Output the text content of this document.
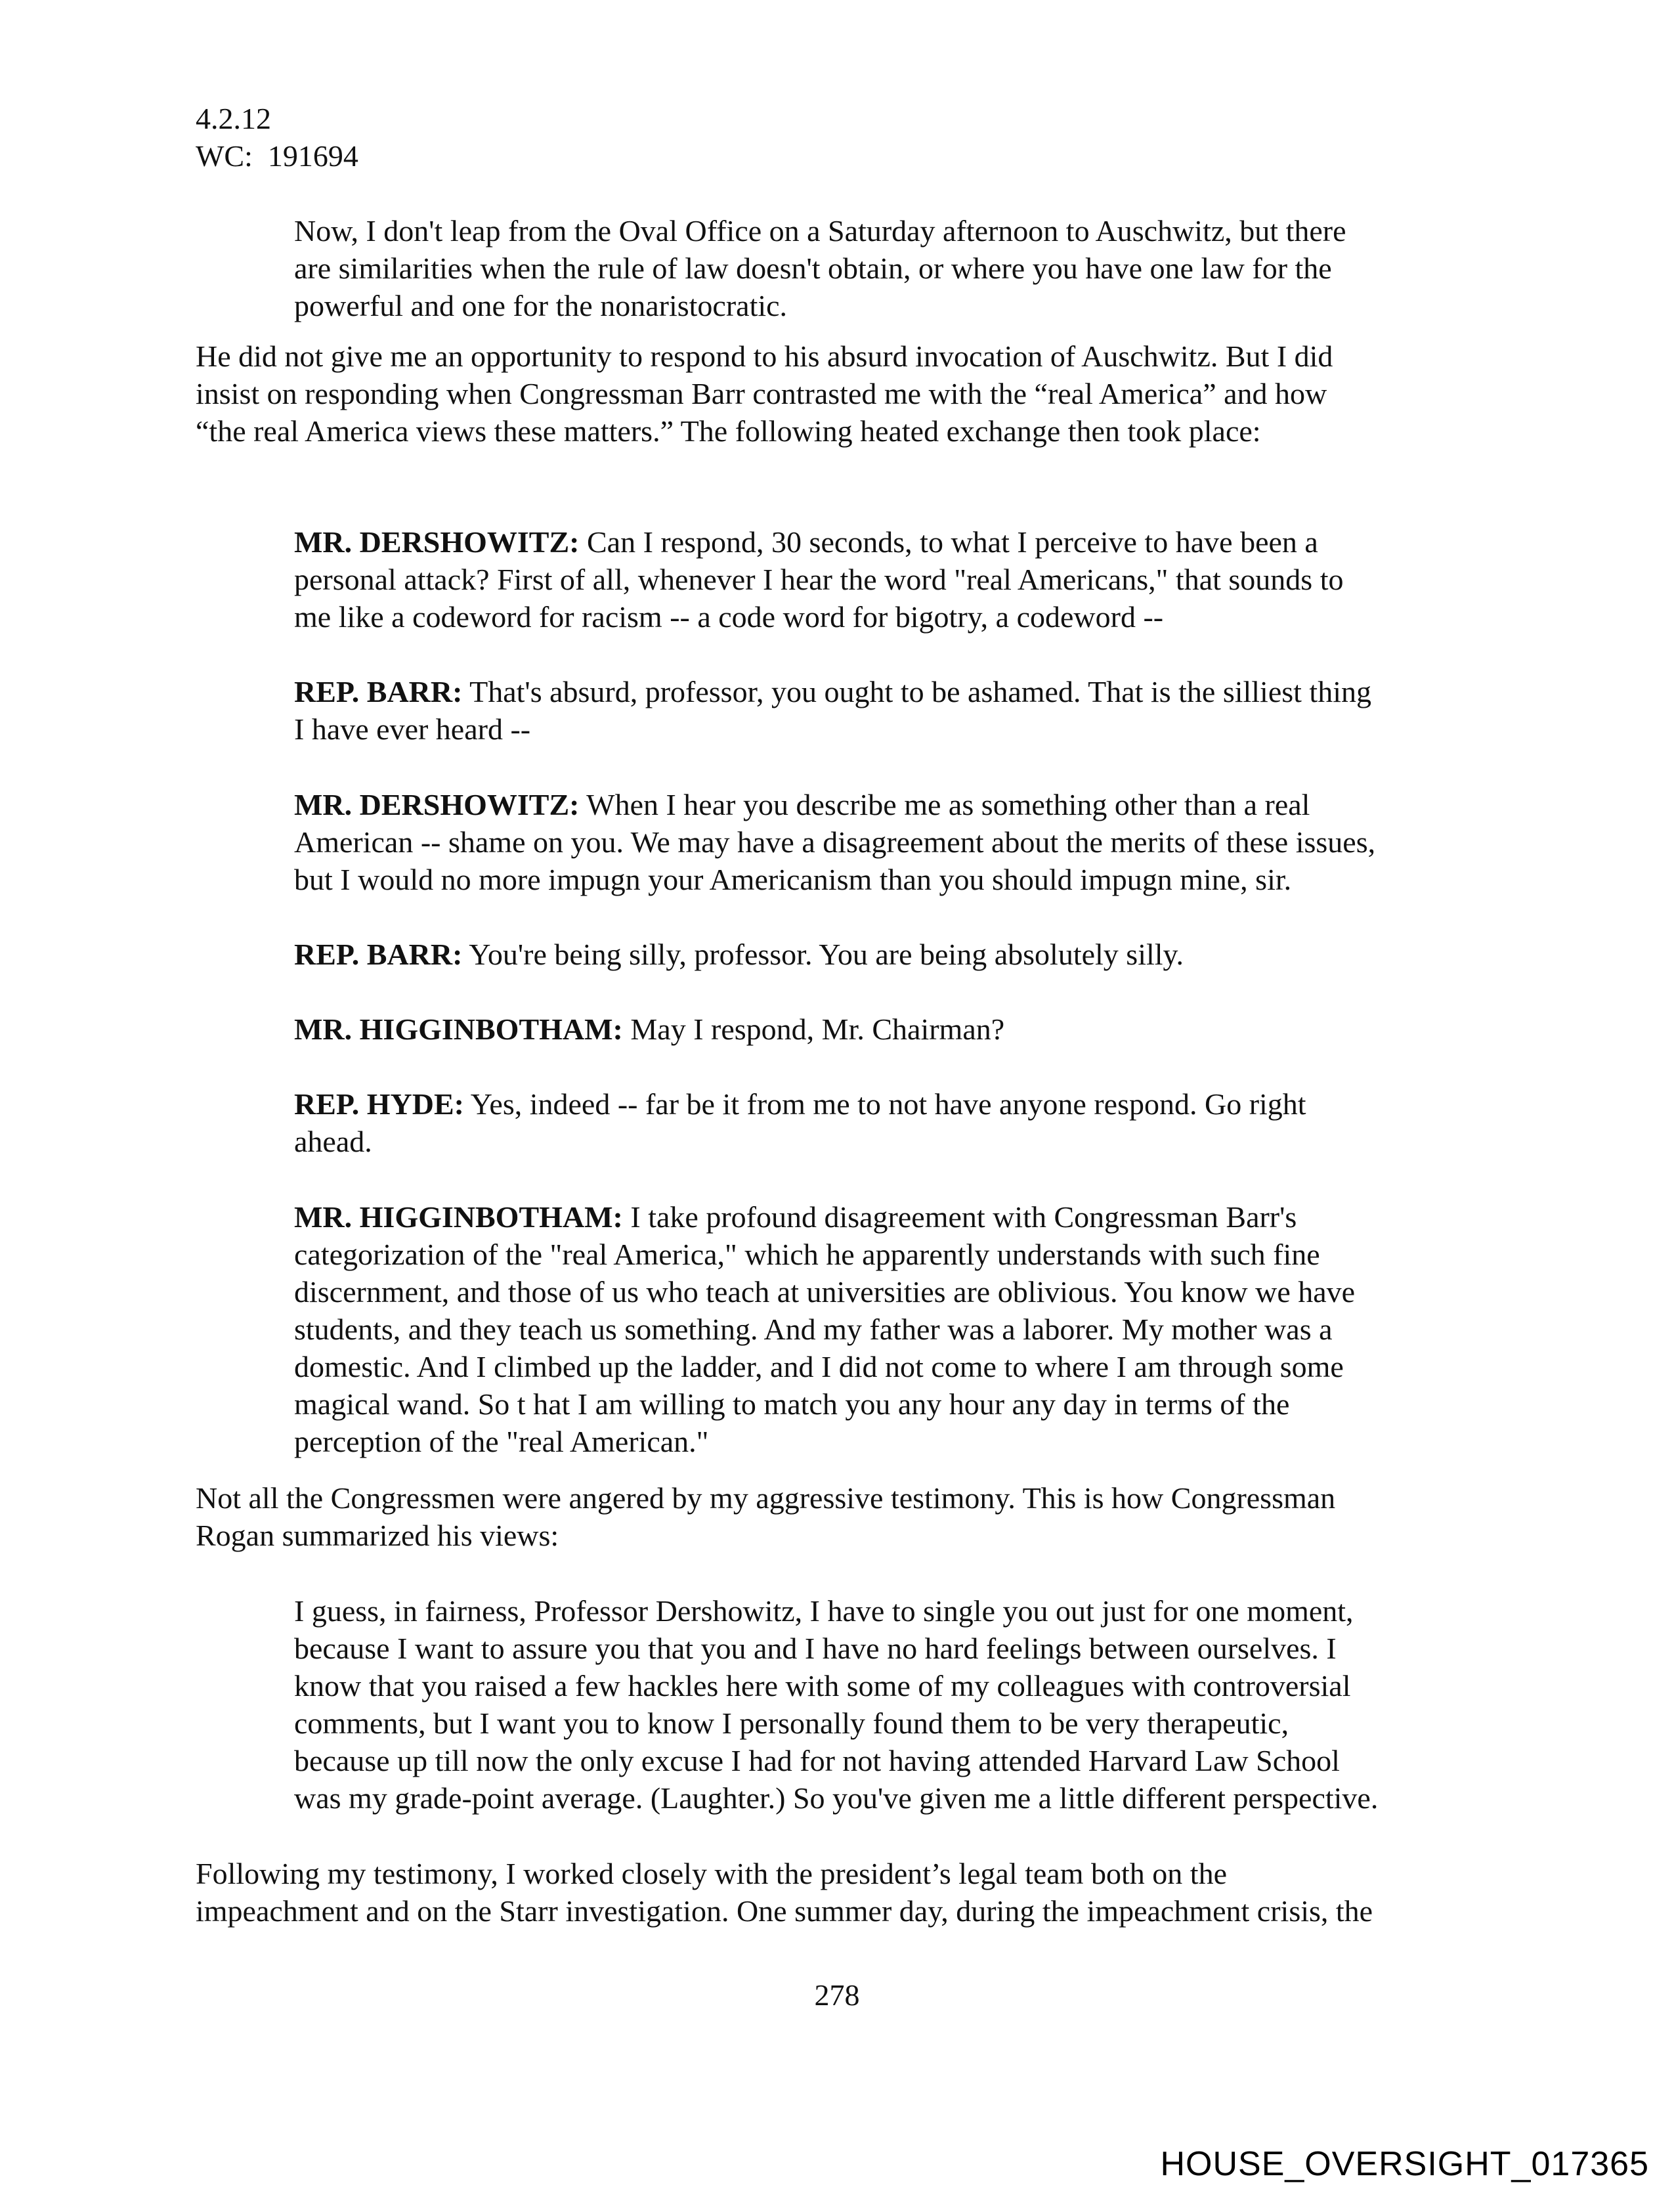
4.2.12
WC:  191694
Now, I don't leap from the Oval Office on a Saturday afternoon to Auschwitz, but there
are similarities when the rule of law doesn't obtain, or where you have one law for the
powerful and one for the nonaristocratic.
He did not give me an opportunity to respond to his absurd invocation of Auschwitz. But I did
insist on responding when Congressman Barr contrasted me with the “real America” and how
“the real America views these matters.” The following heated exchange then took place:
MR. DERSHOWITZ: Can I respond, 30 seconds, to what I perceive to have been a
personal attack? First of all, whenever I hear the word "real Americans," that sounds to
me like a codeword for racism -- a code word for bigotry, a codeword --
REP. BARR: That's absurd, professor, you ought to be ashamed. That is the silliest thing
I have ever heard --
MR. DERSHOWITZ: When I hear you describe me as something other than a real
American -- shame on you. We may have a disagreement about the merits of these issues,
but I would no more impugn your Americanism than you should impugn mine, sir.
REP. BARR: You're being silly, professor. You are being absolutely silly.
MR. HIGGINBOTHAM: May I respond, Mr. Chairman?
REP. HYDE: Yes, indeed -- far be it from me to not have anyone respond. Go right
ahead.
MR. HIGGINBOTHAM: I take profound disagreement with Congressman Barr's
categorization of the "real America," which he apparently understands with such fine
discernment, and those of us who teach at universities are oblivious. You know we have
students, and they teach us something. And my father was a laborer. My mother was a
domestic. And I climbed up the ladder, and I did not come to where I am through some
magical wand. So t hat I am willing to match you any hour any day in terms of the
perception of the "real American."
Not all the Congressmen were angered by my aggressive testimony. This is how Congressman
Rogan summarized his views:
I guess, in fairness, Professor Dershowitz, I have to single you out just for one moment,
because I want to assure you that you and I have no hard feelings between ourselves. I
know that you raised a few hackles here with some of my colleagues with controversial
comments, but I want you to know I personally found them to be very therapeutic,
because up till now the only excuse I had for not having attended Harvard Law School
was my grade-point average. (Laughter.) So you've given me a little different perspective.
Following my testimony, I worked closely with the president’s legal team both on the
impeachment and on the Starr investigation. One summer day, during the impeachment crisis, the
278
HOUSE_OVERSIGHT_017365
